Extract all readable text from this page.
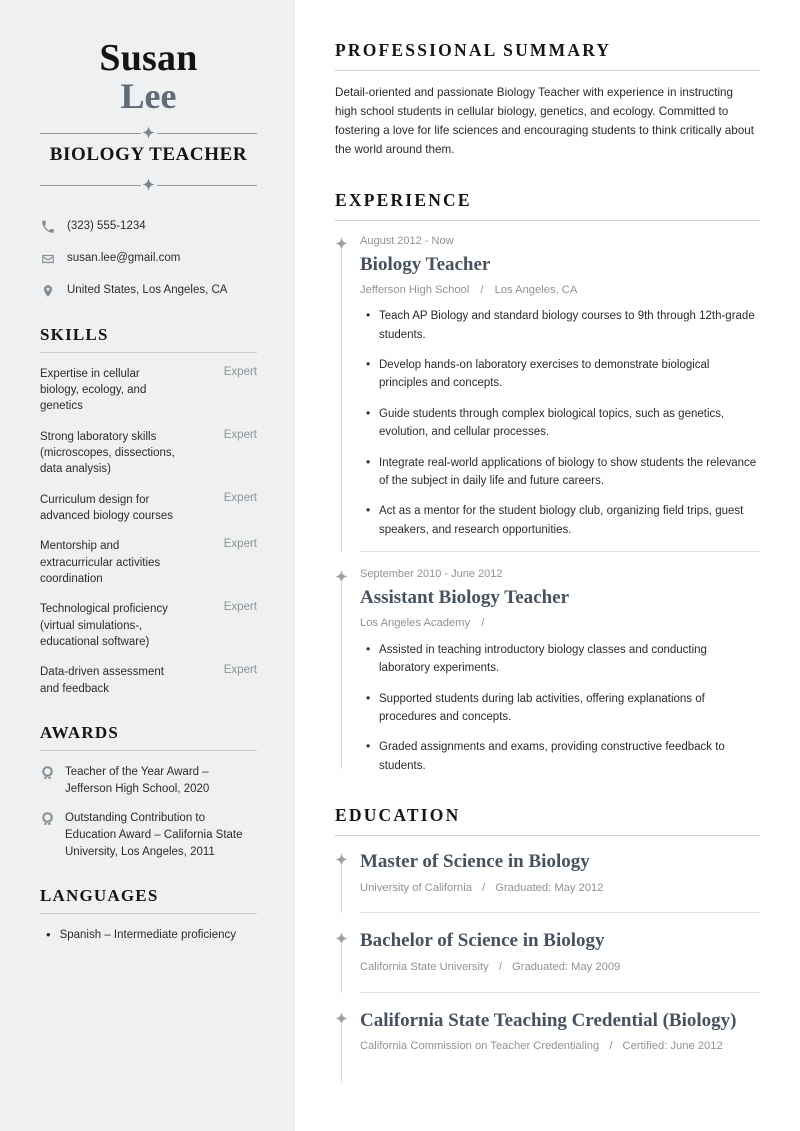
Susan
Lee
BIOLOGY TEACHER
(323) 555-1234
susan.lee@gmail.com
United States, Los Angeles, CA
SKILLS
Expertise in cellular biology, ecology, and genetics
Expert
Strong laboratory skills (microscopes, dissections, data analysis)
Expert
Curriculum design for advanced biology courses
Expert
Mentorship and extracurricular activities coordination
Expert
Technological proficiency (virtual simulations-, educational software)
Expert
Data-driven assessment and feedback
Expert
AWARDS
Teacher of the Year Award – Jefferson High School, 2020
Outstanding Contribution to Education Award – California State University, Los Angeles, 2011
LANGUAGES
• Spanish – Intermediate proficiency
PROFESSIONAL SUMMARY

Detail-oriented and passionate Biology Teacher with experience in instructing high school students in cellular biology, genetics, and ecology. Committed to fostering a love for life sciences and encouraging students to think critically about the world around them.

EXPERIENCE
August 2012 - Now
Biology Teacher
Jefferson High School / Los Angeles, CA
• Teach AP Biology and standard biology courses to 9th through 12th-grade students.
• Develop hands-on laboratory exercises to demonstrate biological principles and concepts.
• Guide students through complex biological topics, such as genetics, evolution, and cellular processes.
• Integrate real-world applications of biology to show students the relevance of the subject in daily life and future careers.
• Act as a mentor for the student biology club, organizing field trips, guest speakers, and research opportunities.
September 2010 - June 2012
Assistant Biology Teacher
Los Angeles Academy /
• Assisted in teaching introductory biology classes and conducting laboratory experiments.
• Supported students during lab activities, offering explanations of procedures and concepts.
• Graded assignments and exams, providing constructive feedback to students.
EDUCATION
Master of Science in Biology
University of California / Graduated: May 2012
Bachelor of Science in Biology
California State University / Graduated: May 2009
California State Teaching Credential (Biology)
California Commission on Teacher Credentialing / Certified: June 2012
